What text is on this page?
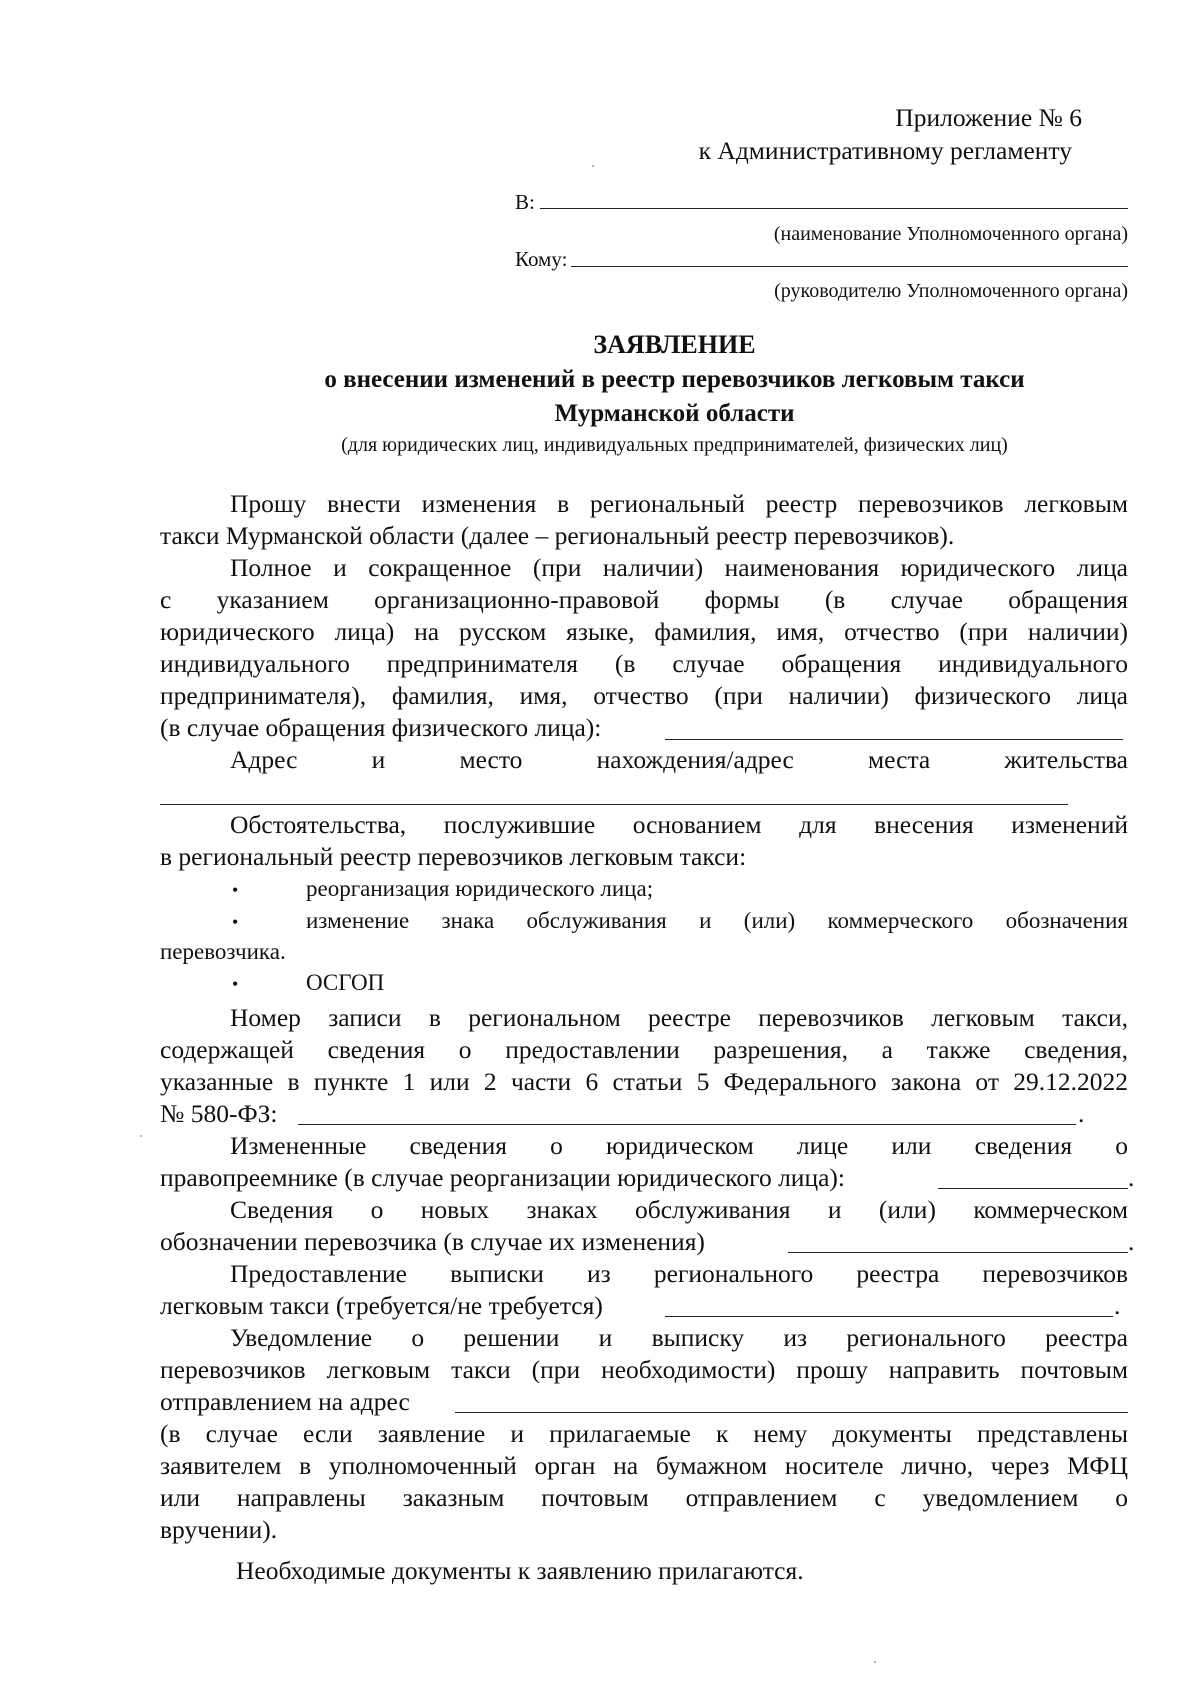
Приложение № 6
к Административному регламенту
В:
(наименование Уполномоченного органа)
Кому:
(руководителю Уполномоченного органа)
ЗАЯВЛЕНИЕ
о внесении изменений в реестр перевозчиков легковым такси
Мурманской области
(для юридических лиц, индивидуальных предпринимателей, физических лиц)
Прошу внести изменения в региональный реестр перевозчиков легковым
такси Мурманской области (далее – региональный реестр перевозчиков).
Полное и сокращенное (при наличии) наименования юридического лица
с указанием организационно-правовой формы (в случае обращения
юридического лица) на русском языке, фамилия, имя, отчество (при наличии)
индивидуального предпринимателя (в случае обращения индивидуального
предпринимателя), фамилия, имя, отчество (при наличии) физического лица
(в случае обращения физического лица):
Адрес и место нахождения/адрес места жительства
Обстоятельства, послужившие основанием для внесения изменений
в региональный реестр перевозчиков легковым такси:
•	реорганизация юридического лица;
•	изменение знака обслуживания и (или) коммерческого обозначения
перевозчика.
•	ОСГОП
Номер записи в региональном реестре перевозчиков легковым такси,
содержащей сведения о предоставлении разрешения, а также сведения,
указанные в пункте 1 или 2 части 6 статьи 5 Федерального закона от 29.12.2022
№ 580-ФЗ:	.
Измененные сведения о юридическом лице или сведения о
правопреемнике (в случае реорганизации юридического лица):	.
Сведения о новых знаках обслуживания и (или) коммерческом
обозначении перевозчика (в случае их изменения)	.
Предоставление выписки из регионального реестра перевозчиков
легковым такси (требуется/не требуется)	.
Уведомление о решении и выписку из регионального реестра
перевозчиков легковым такси (при необходимости) прошу направить почтовым
отправлением на адрес
(в случае если заявление и прилагаемые к нему документы представлены
заявителем в уполномоченный орган на бумажном носителе лично, через МФЦ
или направлены заказным почтовым отправлением с уведомлением о
вручении).
Необходимые документы к заявлению прилагаются.
